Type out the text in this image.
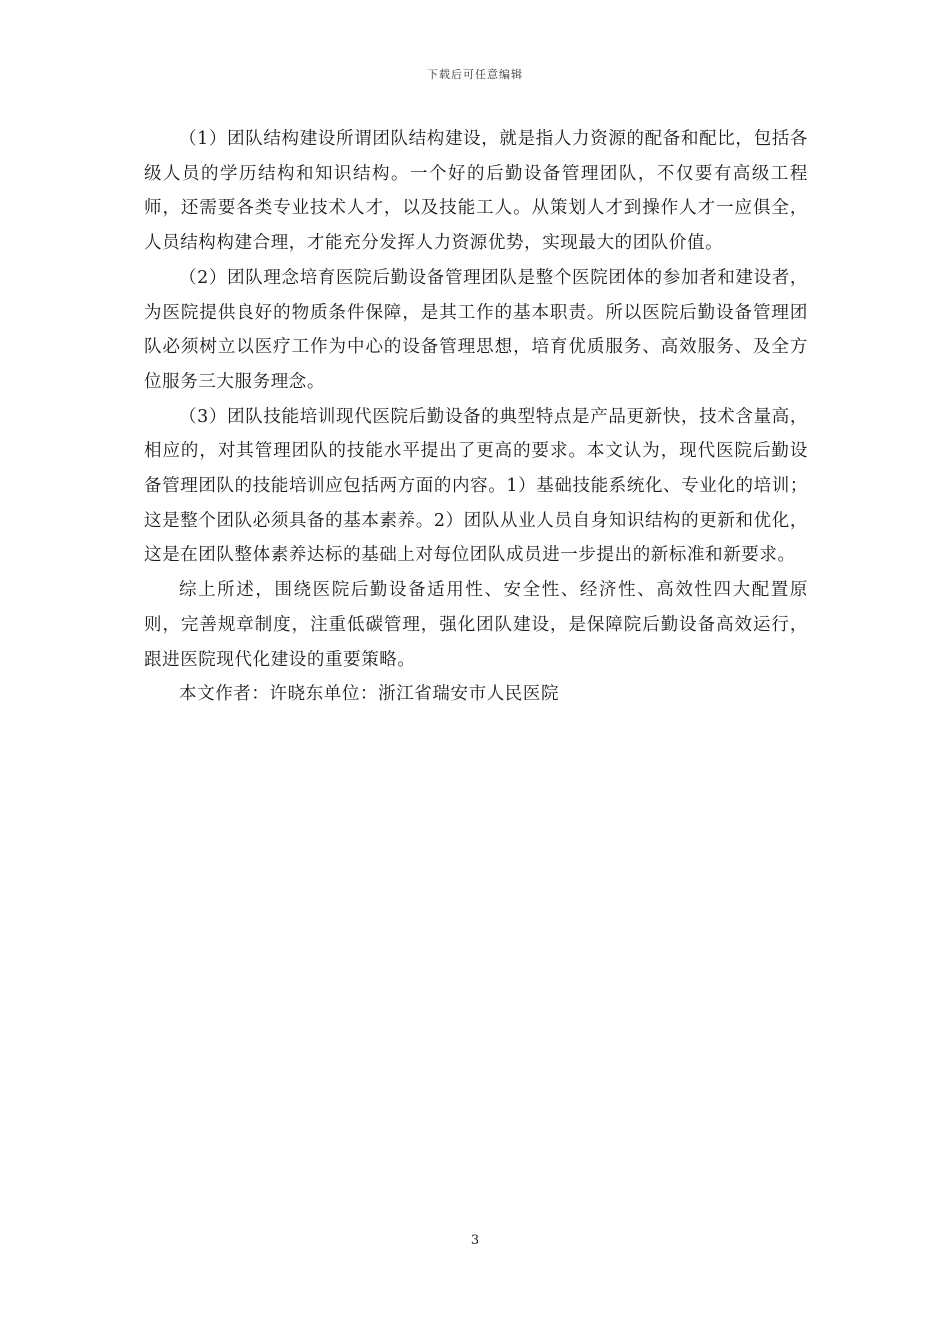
下载后可任意编辑

（1）团队结构建设所谓团队结构建设，就是指人力资源的配备和配比，包括各级人员的学历结构和知识结构。一个好的后勤设备管理团队，不仅要有高级工程师，还需要各类专业技术人才，以及技能工人。从策划人才到操作人才一应俱全，人员结构构建合理，才能充分发挥人力资源优势，实现最大的团队价值。

（2）团队理念培育医院后勤设备管理团队是整个医院团体的参加者和建设者，为医院提供良好的物质条件保障，是其工作的基本职责。所以医院后勤设备管理团队必须树立以医疗工作为中心的设备管理思想，培育优质服务、高效服务、及全方位服务三大服务理念。

（3）团队技能培训现代医院后勤设备的典型特点是产品更新快，技术含量高，相应的，对其管理团队的技能水平提出了更高的要求。本文认为，现代医院后勤设备管理团队的技能培训应包括两方面的内容。1）基础技能系统化、专业化的培训；这是整个团队必须具备的基本素养。2）团队从业人员自身知识结构的更新和优化，这是在团队整体素养达标的基础上对每位团队成员进一步提出的新标准和新要求。

综上所述，围绕医院后勤设备适用性、安全性、经济性、高效性四大配置原则，完善规章制度，注重低碳管理，强化团队建设，是保障院后勤设备高效运行，跟进医院现代化建设的重要策略。

本文作者：许晓东单位：浙江省瑞安市人民医院

3
